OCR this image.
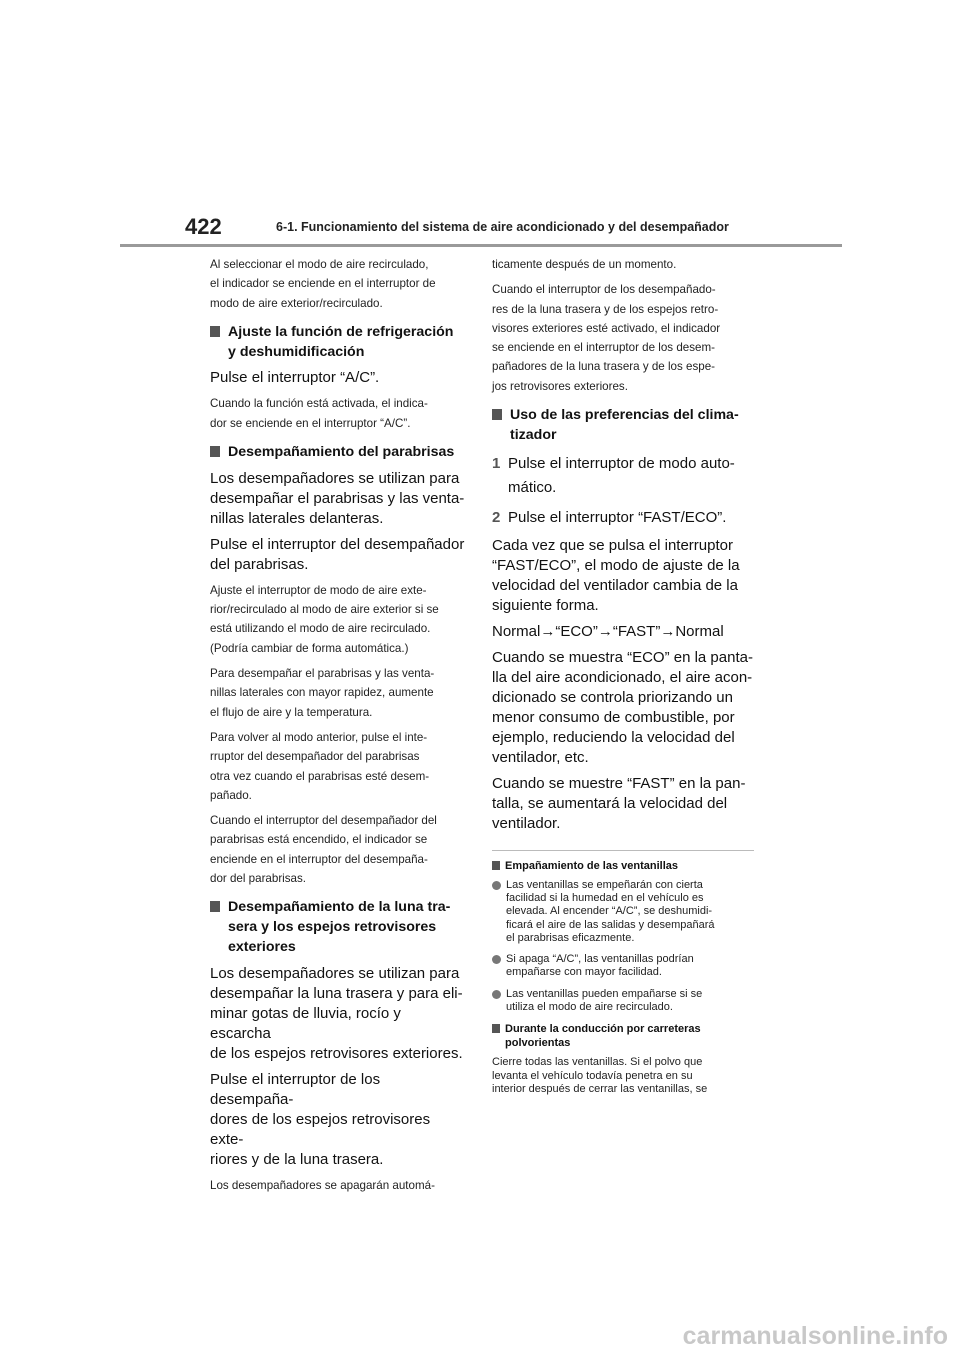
422	6-1. Funcionamiento del sistema de aire acondicionado y del desempañador

Al seleccionar el modo de aire recirculado,
el indicador se enciende en el interruptor de
modo de aire exterior/recirculado.

Ajuste la función de refrigeración
y deshumidificación

Pulse el interruptor “A/C”.

Cuando la función está activada, el indica-
dor se enciende en el interruptor “A/C”.

Desempañamiento del parabrisas

Los desempañadores se utilizan para
desempañar el parabrisas y las venta-
nillas laterales delanteras.

Pulse el interruptor del desempañador
del parabrisas.

Ajuste el interruptor de modo de aire exte-
rior/recirculado al modo de aire exterior si se
está utilizando el modo de aire recirculado.
(Podría cambiar de forma automática.)

Para desempañar el parabrisas y las venta-
nillas laterales con mayor rapidez, aumente
el flujo de aire y la temperatura.

Para volver al modo anterior, pulse el inte-
rruptor del desempañador del parabrisas
otra vez cuando el parabrisas esté desem-
pañado.

Cuando el interruptor del desempañador del
parabrisas está encendido, el indicador se
enciende en el interruptor del desempaña-
dor del parabrisas.

Desempañamiento de la luna tra-
sera y los espejos retrovisores
exteriores

Los desempañadores se utilizan para
desempañar la luna trasera y para eli-
minar gotas de lluvia, rocío y escarcha
de los espejos retrovisores exteriores.

Pulse el interruptor de los desempaña-
dores de los espejos retrovisores exte-
riores y de la luna trasera.

Los desempañadores se apagarán automá-

ticamente después de un momento.

Cuando el interruptor de los desempañado-
res de la luna trasera y de los espejos retro-
visores exteriores esté activado, el indicador
se enciende en el interruptor de los desem-
pañadores de la luna trasera y de los espe-
jos retrovisores exteriores.

Uso de las preferencias del clima-
tizador
1 Pulse el interruptor de modo auto-
mático.
2 Pulse el interruptor “FAST/ECO”.

Cada vez que se pulsa el interruptor
“FAST/ECO”, el modo de ajuste de la
velocidad del ventilador cambia de la
siguiente forma.

Normal→“ECO”→“FAST”→Normal

Cuando se muestra “ECO” en la panta-
lla del aire acondicionado, el aire acon-
dicionado se controla priorizando un
menor consumo de combustible, por
ejemplo, reduciendo la velocidad del
ventilador, etc.

Cuando se muestre “FAST” en la pan-
talla, se aumentará la velocidad del
ventilador.

Empañamiento de las ventanillas
Las ventanillas se empeñarán con cierta
facilidad si la humedad en el vehículo es
elevada. Al encender “A/C”, se deshumidi-
ficará el aire de las salidas y desempañará
el parabrisas eficazmente.
Si apaga “A/C”, las ventanillas podrían
empañarse con mayor facilidad.
Las ventanillas pueden empañarse si se
utiliza el modo de aire recirculado.
Durante la conducción por carreteras
polvorientas

Cierre todas las ventanillas. Si el polvo que
levanta el vehículo todavía penetra en su
interior después de cerrar las ventanillas, se

carmanualsonline.info
